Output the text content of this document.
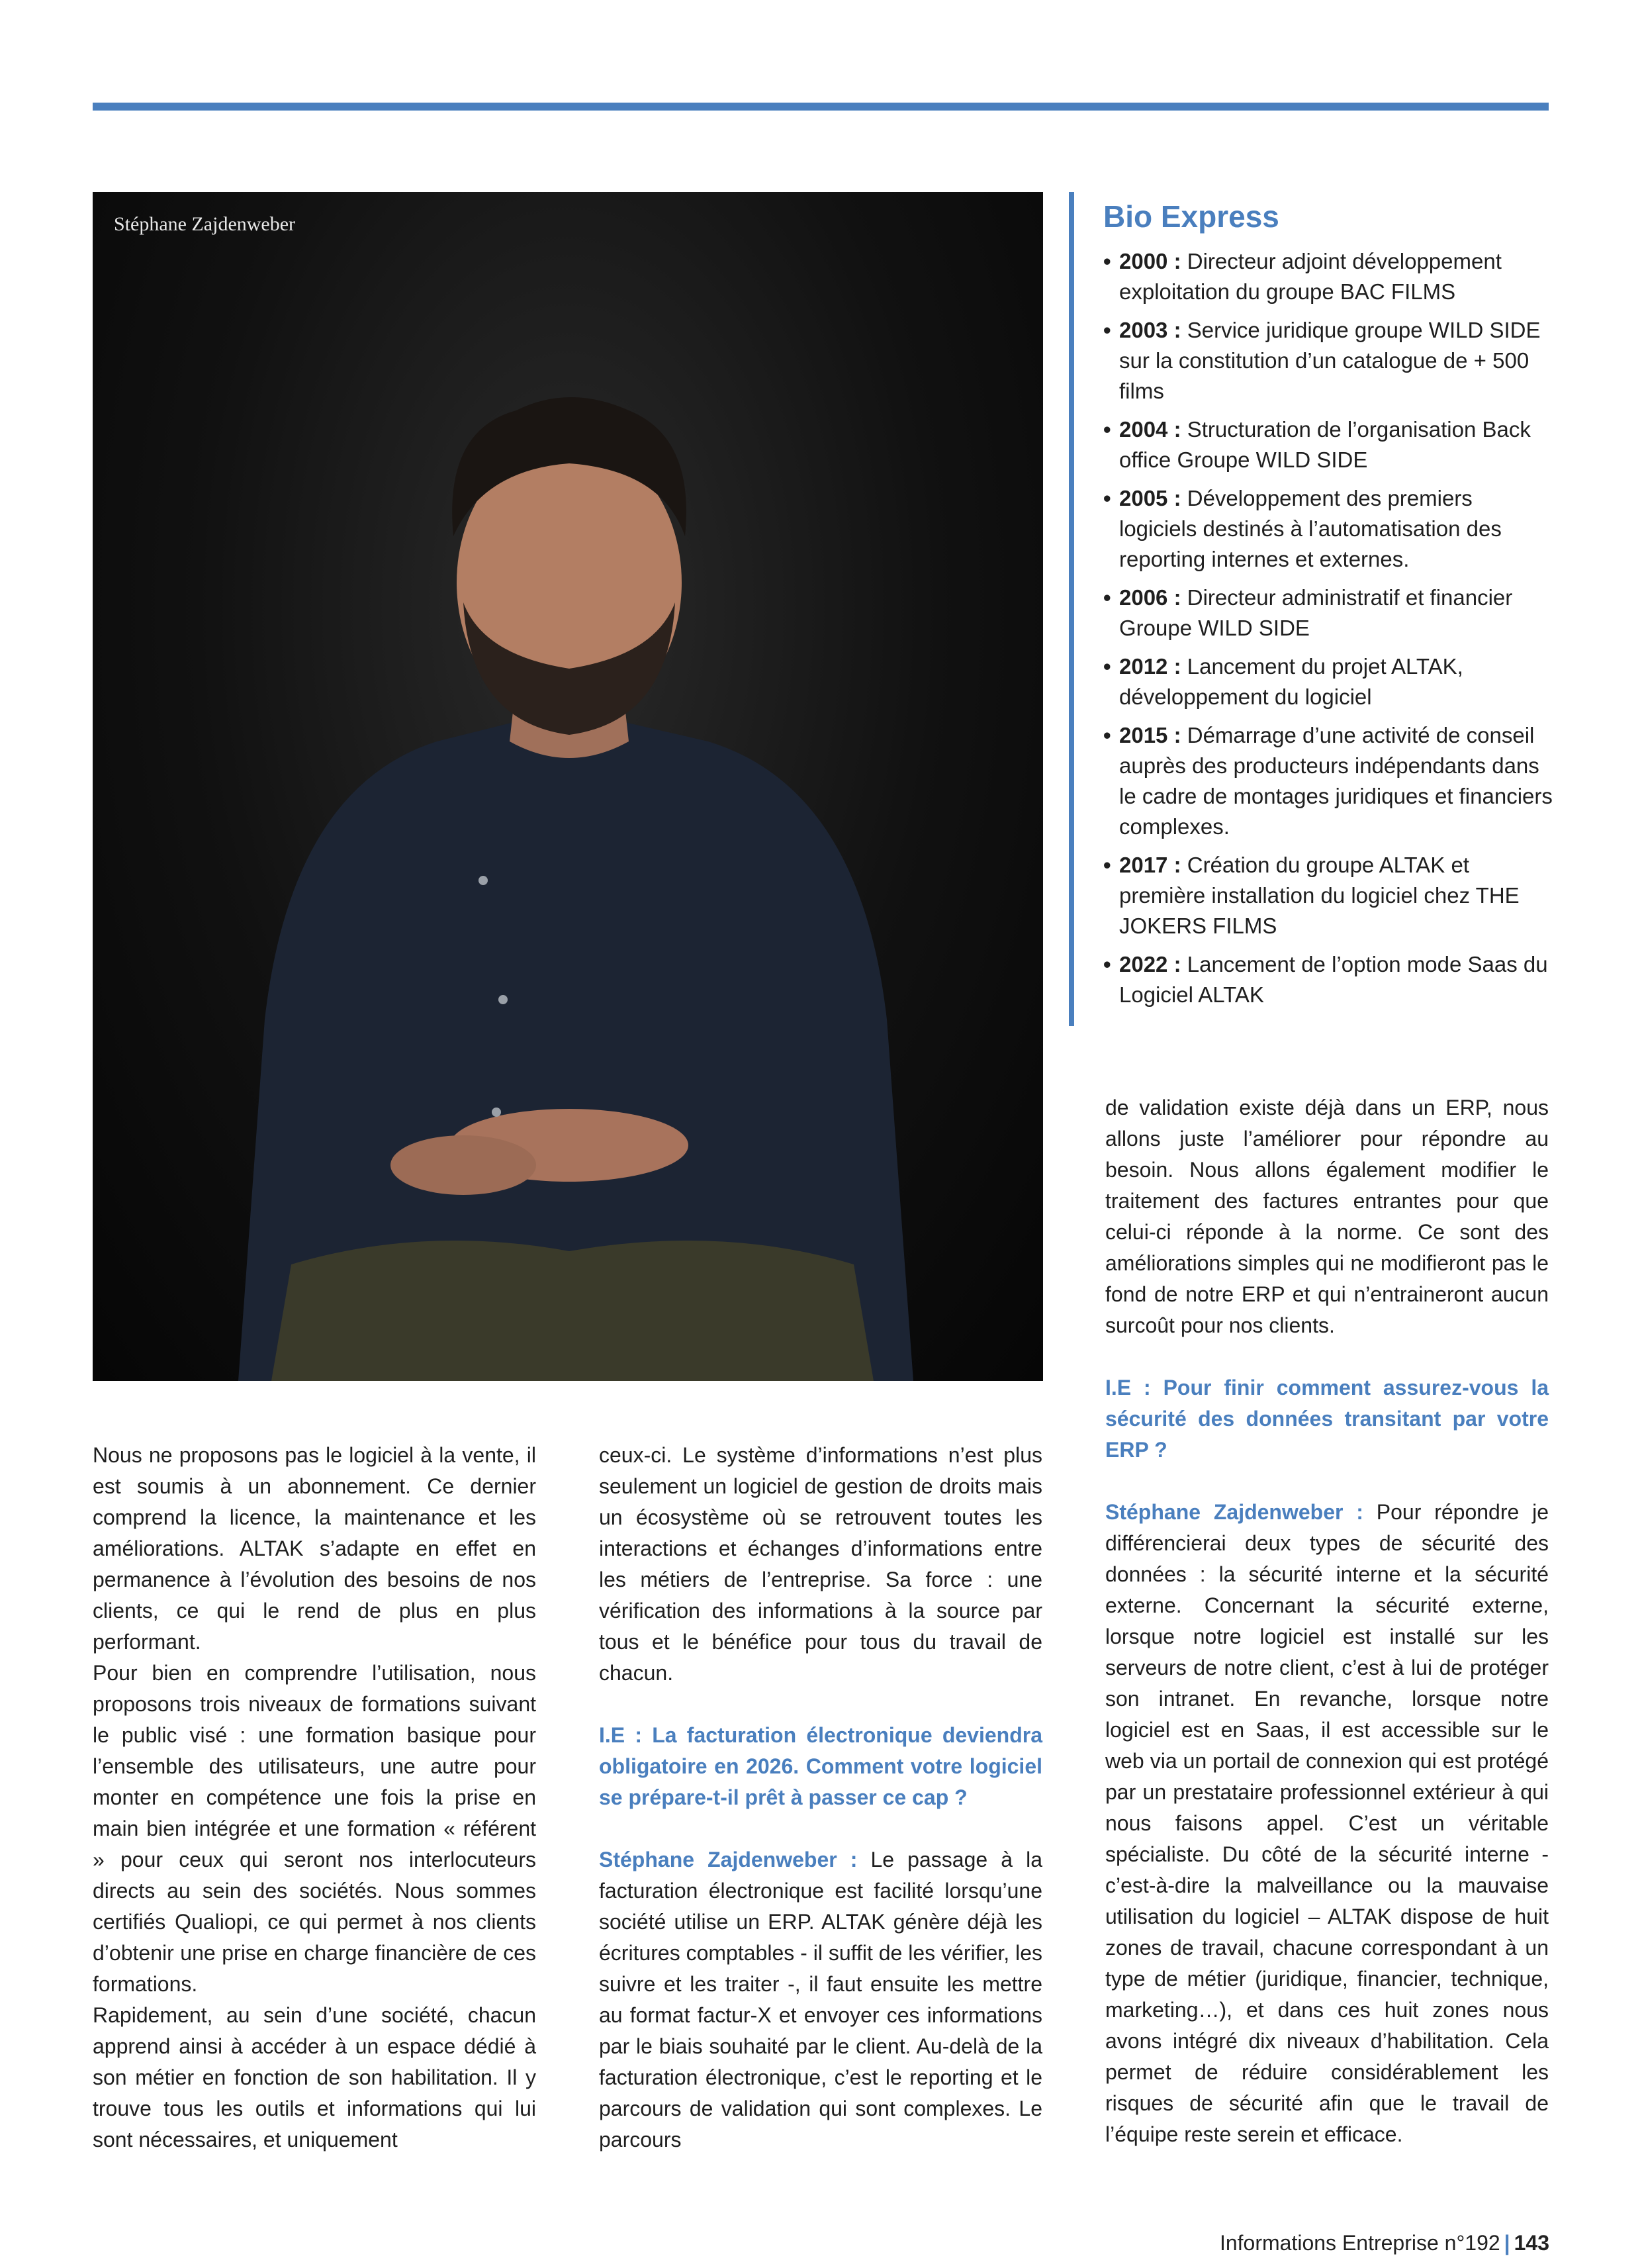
Stéphane Zajdenweber	Bio Express
• 2000 : Directeur adjoint développement exploitation du groupe BAC FILMS
• 2003 : Service juridique groupe WILD SIDE sur la constitution d’un catalogue de + 500 films
• 2004 : Structuration de l’organisation Back office Groupe WILD SIDE
• 2005 : Développement des premiers logiciels destinés à l’automatisation des reporting internes et externes.
• 2006 : Directeur administratif et financier Groupe WILD SIDE
• 2012 : Lancement du projet ALTAK, développement du logiciel
• 2015 : Démarrage d’une activité de conseil auprès des producteurs indépendants dans le cadre de montages juridiques et financiers complexes.
• 2017 : Création du groupe ALTAK et première installation du logiciel chez THE JOKERS FILMS
• 2022 : Lancement de l’option mode Saas du Logiciel ALTAK

de validation existe déjà dans un ERP, nous allons juste l’améliorer pour répondre au besoin. Nous allons également modifier le traitement des factures entrantes pour que celui-ci réponde à la norme. Ce sont des améliorations simples qui ne modifieront pas le fond de notre ERP et qui n’entraineront aucun surcoût pour nos clients.

I.E : Pour finir comment assurez-vous la sécurité des données transitant par votre ERP ?

Stéphane Zajdenweber : Pour répondre je différencierai deux types de sécurité des données : la sécurité interne et la sécurité externe. Concernant la sécurité externe, lorsque notre logiciel est installé sur les serveurs de notre client, c’est à lui de protéger son intranet. En revanche, lorsque notre logiciel est en Saas, il est accessible sur le web via un portail de connexion qui est protégé par un prestataire professionnel extérieur à qui nous faisons appel. C’est un véritable spécialiste. Du côté de la sécurité interne - c’est-à-dire la malveillance ou la mauvaise utilisation du logiciel – ALTAK dispose de huit zones de travail, chacune correspondant à un type de métier (juridique, financier, technique, marketing…), et dans ces huit zones nous avons intégré dix niveaux d’habilitation. Cela permet de réduire considérablement les risques de sécurité afin que le travail de l’équipe reste serein et efficace.

Nous ne proposons pas le logiciel à la vente, il est soumis à un abonnement. Ce dernier comprend la licence, la maintenance et les améliorations. ALTAK s’adapte en effet en permanence à l’évolution des besoins de nos clients, ce qui le rend de plus en plus performant.

Pour bien en comprendre l’utilisation, nous proposons trois niveaux de formations suivant le public visé : une formation basique pour l’ensemble des utilisateurs, une autre pour monter en compétence une fois la prise en main bien intégrée et une formation « référent » pour ceux qui seront nos interlocuteurs directs au sein des sociétés. Nous sommes certifiés Qualiopi, ce qui permet à nos clients d’obtenir une prise en charge financière de ces formations.

Rapidement, au sein d’une société, chacun apprend ainsi à accéder à un espace dédié à son métier en fonction de son habilitation. Il y trouve tous les outils et informations qui lui sont nécessaires, et uniquement

ceux-ci. Le système d’informations n’est plus seulement un logiciel de gestion de droits mais un écosystème où se retrouvent toutes les interactions et échanges d’informations entre les métiers de l’entreprise. Sa force : une vérification des informations à la source par tous et le bénéfice pour tous du travail de chacun.

I.E : La facturation électronique deviendra obligatoire en 2026. Comment votre logiciel se prépare-t-il prêt à passer ce cap ?

Stéphane Zajdenweber : Le passage à la facturation électronique est facilité lorsqu’une société utilise un ERP. ALTAK génère déjà les écritures comptables - il suffit de les vérifier, les suivre et les traiter -, il faut ensuite les mettre au format factur-X et envoyer ces informations par le biais souhaité par le client. Au-delà de la facturation électronique, c’est le reporting et le parcours de validation qui sont complexes. Le parcours

Informations Entreprise n°192 | 143
